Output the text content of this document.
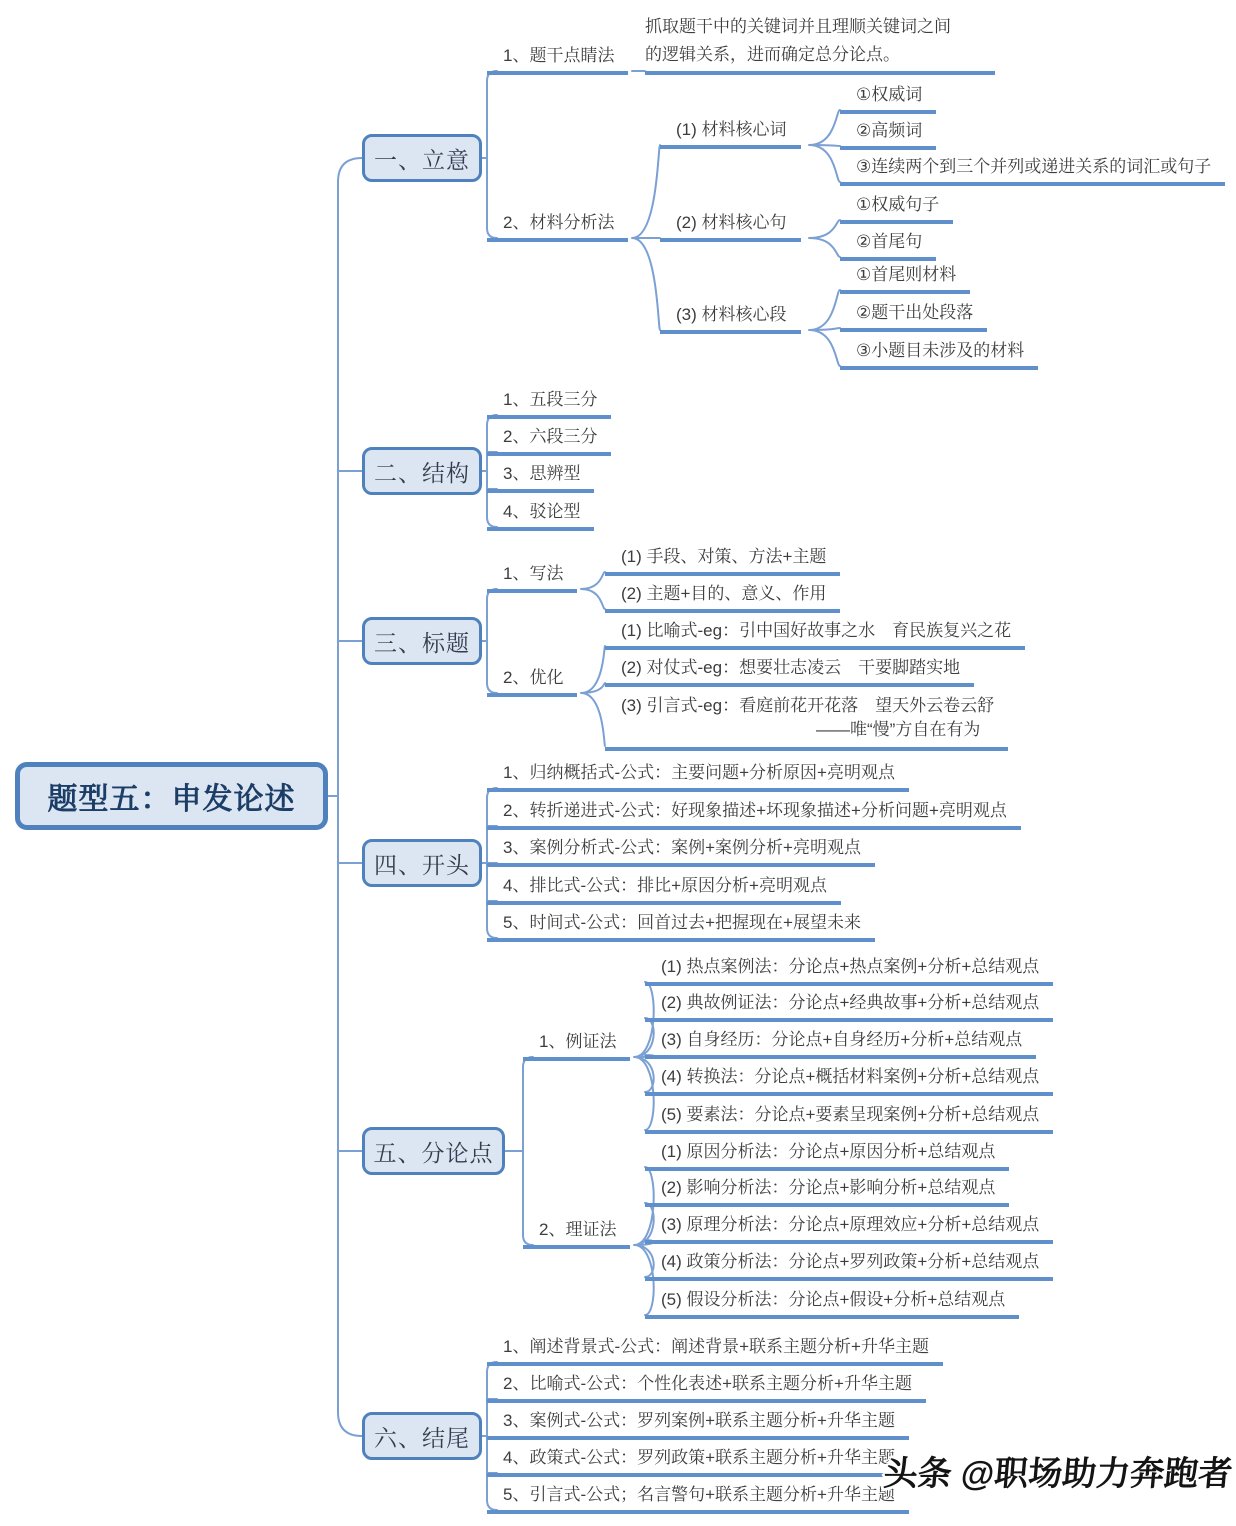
题型五：申发论述
一、立意
二、结构
三、标题
四、开头
五、分论点
六、结尾
1、题干点睛法
抓取题干中的关键词并且理顺关键词之间的逻辑关系，进而确定总分论点。
2、材料分析法
(1) 材料核心词
(2) 材料核心句
(3) 材料核心段
①权威词
②高频词
③连续两个到三个并列或递进关系的词汇或句子
①权威句子
②首尾句
①首尾则材料
②题干出处段落
③小题目未涉及的材料
1、五段三分
2、六段三分
3、思辨型
4、驳论型
1、写法
2、优化
(1) 手段、对策、方法+主题
(2) 主题+目的、意义、作用
(1) 比喻式-eg：引中国好故事之水　育民族复兴之花
(2) 对仗式-eg：想要壮志凌云　干要脚踏实地
(3) 引言式-eg：看庭前花开花落　望天外云卷云舒
——唯“慢”方自在有为
1、归纳概括式-公式：主要问题+分析原因+亮明观点
2、转折递进式-公式：好现象描述+坏现象描述+分析问题+亮明观点
3、案例分析式-公式：案例+案例分析+亮明观点
4、排比式-公式：排比+原因分析+亮明观点
5、时间式-公式：回首过去+把握现在+展望未来
1、例证法
2、理证法
(1) 热点案例法：分论点+热点案例+分析+总结观点
(2) 典故例证法：分论点+经典故事+分析+总结观点
(3) 自身经历：分论点+自身经历+分析+总结观点
(4) 转换法：分论点+概括材料案例+分析+总结观点
(5) 要素法：分论点+要素呈现案例+分析+总结观点
(1) 原因分析法：分论点+原因分析+总结观点
(2) 影响分析法：分论点+影响分析+总结观点
(3) 原理分析法：分论点+原理效应+分析+总结观点
(4) 政策分析法：分论点+罗列政策+分析+总结观点
(5) 假设分析法：分论点+假设+分析+总结观点
1、阐述背景式-公式：阐述背景+联系主题分析+升华主题
2、比喻式-公式：个性化表述+联系主题分析+升华主题
3、案例式-公式：罗列案例+联系主题分析+升华主题
4、政策式-公式：罗列政策+联系主题分析+升华主题
5、引言式-公式；名言警句+联系主题分析+升华主题
头条 @职场助力奔跑者
